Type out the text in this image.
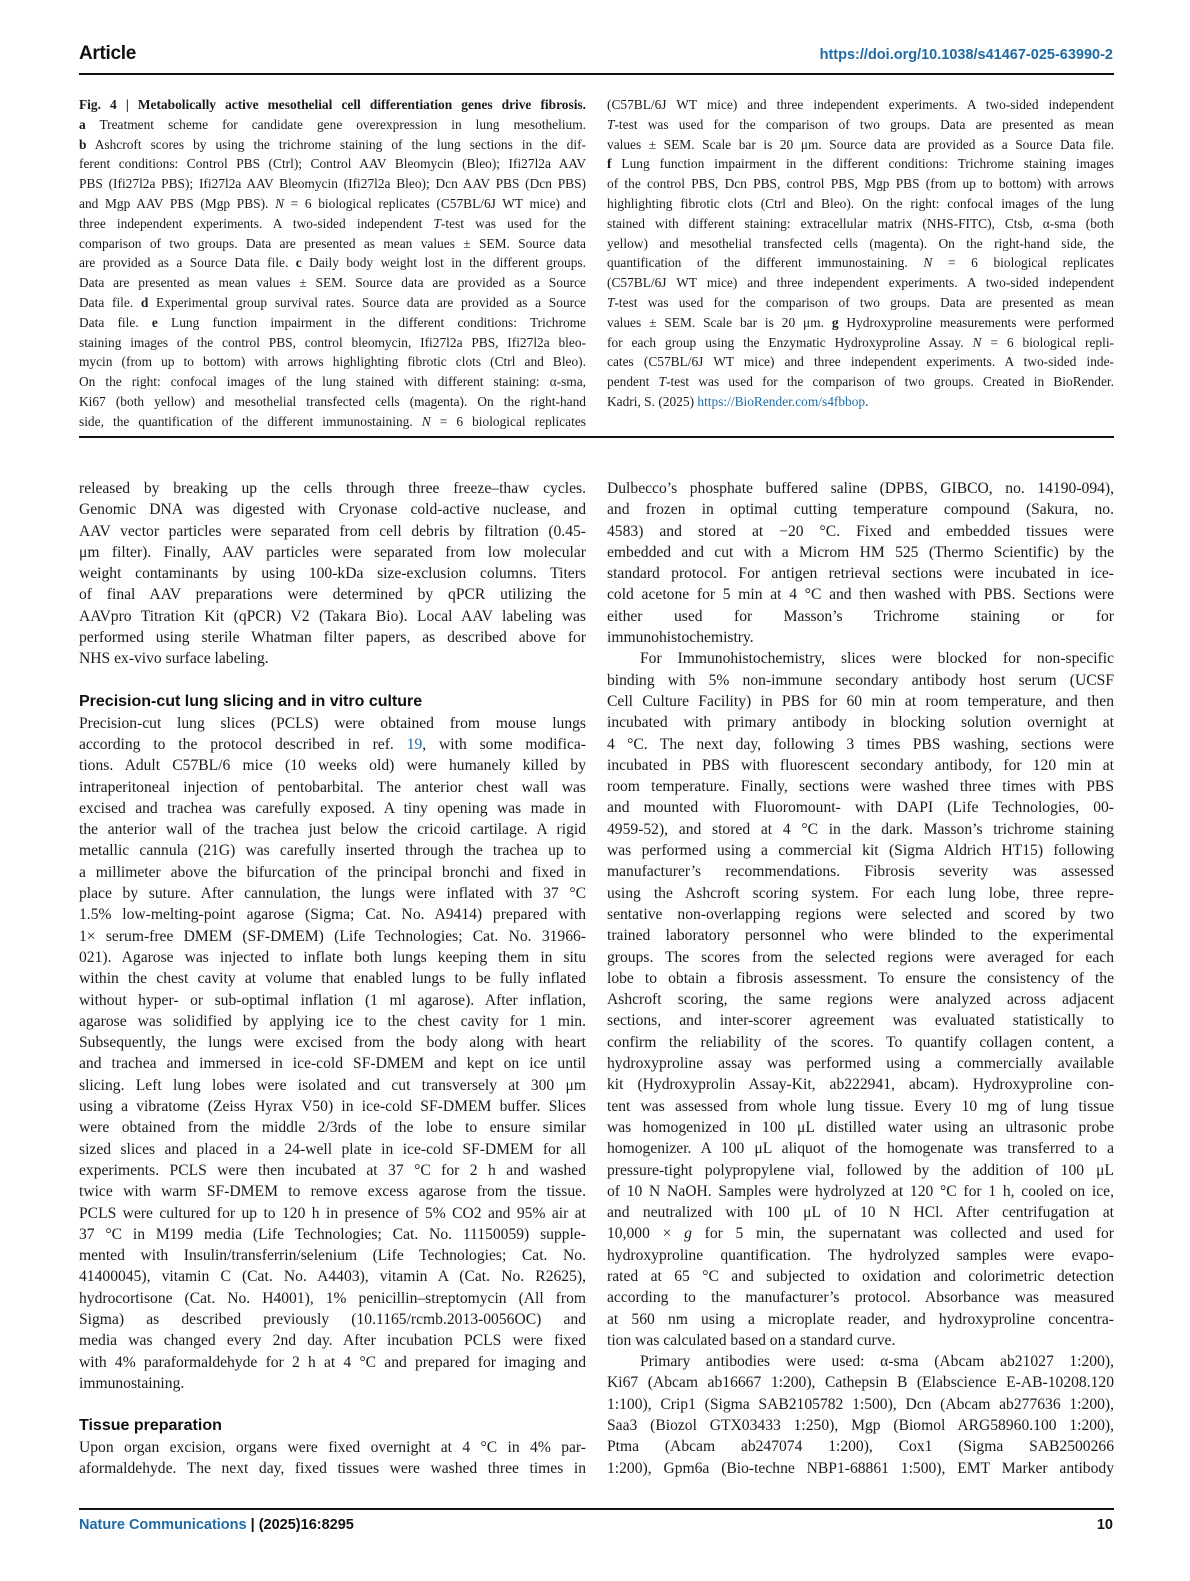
Article	https://doi.org/10.1038/s41467-025-63990-2
Fig. 4 | Metabolically active mesothelial cell differentiation genes drive fibrosis.
a Treatment scheme for candidate gene overexpression in lung mesothelium.
b Ashcroft scores by using the trichrome staining of the lung sections in the dif-
ferent conditions: Control PBS (Ctrl); Control AAV Bleomycin (Bleo); Ifi27l2a AAV
PBS (Ifi27l2a PBS); Ifi27l2a AAV Bleomycin (Ifi27l2a Bleo); Dcn AAV PBS (Dcn PBS)
and Mgp AAV PBS (Mgp PBS). N = 6 biological replicates (C57BL/6J WT mice) and
three independent experiments. A two-sided independent T-test was used for the
comparison of two groups. Data are presented as mean values ± SEM. Source data
are provided as a Source Data file. c Daily body weight lost in the different groups.
Data are presented as mean values ± SEM. Source data are provided as a Source
Data file. d Experimental group survival rates. Source data are provided as a Source
Data file. e Lung function impairment in the different conditions: Trichrome
staining images of the control PBS, control bleomycin, Ifi27l2a PBS, Ifi27l2a bleo-
mycin (from up to bottom) with arrows highlighting fibrotic clots (Ctrl and Bleo).
On the right: confocal images of the lung stained with different staining: α-sma,
Ki67 (both yellow) and mesothelial transfected cells (magenta). On the right-hand
side, the quantification of the different immunostaining. N = 6 biological replicates
(C57BL/6J WT mice) and three independent experiments. A two-sided independent
T-test was used for the comparison of two groups. Data are presented as mean
values ± SEM. Scale bar is 20 μm. Source data are provided as a Source Data file.
f Lung function impairment in the different conditions: Trichrome staining images
of the control PBS, Dcn PBS, control PBS, Mgp PBS (from up to bottom) with arrows
highlighting fibrotic clots (Ctrl and Bleo). On the right: confocal images of the lung
stained with different staining: extracellular matrix (NHS-FITC), Ctsb, α-sma (both
yellow) and mesothelial transfected cells (magenta). On the right-hand side, the
quantification of the different immunostaining. N = 6 biological replicates
(C57BL/6J WT mice) and three independent experiments. A two-sided independent
T-test was used for the comparison of two groups. Data are presented as mean
values ± SEM. Scale bar is 20 μm. g Hydroxyproline measurements were performed
for each group using the Enzymatic Hydroxyproline Assay. N = 6 biological repli-
cates (C57BL/6J WT mice) and three independent experiments. A two-sided inde-
pendent T-test was used for the comparison of two groups. Created in BioRender.
Kadri, S. (2025) https://BioRender.com/s4fbbop.
released by breaking up the cells through three freeze–thaw cycles.
Genomic DNA was digested with Cryonase cold-active nuclease, and
AAV vector particles were separated from cell debris by filtration (0.45-
μm filter). Finally, AAV particles were separated from low molecular
weight contaminants by using 100-kDa size-exclusion columns. Titers
of final AAV preparations were determined by qPCR utilizing the
AAVpro Titration Kit (qPCR) V2 (Takara Bio). Local AAV labeling was
performed using sterile Whatman filter papers, as described above for
NHS ex-vivo surface labeling.
Precision-cut lung slicing and in vitro culture
Precision-cut lung slices (PCLS) were obtained from mouse lungs
according to the protocol described in ref. 19, with some modifica-
tions. Adult C57BL/6 mice (10 weeks old) were humanely killed by
intraperitoneal injection of pentobarbital. The anterior chest wall was
excised and trachea was carefully exposed. A tiny opening was made in
the anterior wall of the trachea just below the cricoid cartilage. A rigid
metallic cannula (21G) was carefully inserted through the trachea up to
a millimeter above the bifurcation of the principal bronchi and fixed in
place by suture. After cannulation, the lungs were inflated with 37 °C
1.5% low-melting-point agarose (Sigma; Cat. No. A9414) prepared with
1× serum-free DMEM (SF-DMEM) (Life Technologies; Cat. No. 31966-
021). Agarose was injected to inflate both lungs keeping them in situ
within the chest cavity at volume that enabled lungs to be fully inflated
without hyper- or sub-optimal inflation (1 ml agarose). After inflation,
agarose was solidified by applying ice to the chest cavity for 1 min.
Subsequently, the lungs were excised from the body along with heart
and trachea and immersed in ice-cold SF-DMEM and kept on ice until
slicing. Left lung lobes were isolated and cut transversely at 300 μm
using a vibratome (Zeiss Hyrax V50) in ice-cold SF-DMEM buffer. Slices
were obtained from the middle 2/3rds of the lobe to ensure similar
sized slices and placed in a 24-well plate in ice-cold SF-DMEM for all
experiments. PCLS were then incubated at 37 °C for 2 h and washed
twice with warm SF-DMEM to remove excess agarose from the tissue.
PCLS were cultured for up to 120 h in presence of 5% CO2 and 95% air at
37 °C in M199 media (Life Technologies; Cat. No. 11150059) supple-
mented with Insulin/transferrin/selenium (Life Technologies; Cat. No.
41400045), vitamin C (Cat. No. A4403), vitamin A (Cat. No. R2625),
hydrocortisone (Cat. No. H4001), 1% penicillin–streptomycin (All from
Sigma) as described previously (10.1165/rcmb.2013-0056OC) and
media was changed every 2nd day. After incubation PCLS were fixed
with 4% paraformaldehyde for 2 h at 4 °C and prepared for imaging and
immunostaining.
Tissue preparation
Upon organ excision, organs were fixed overnight at 4 °C in 4% par-
aformaldehyde. The next day, fixed tissues were washed three times in
Dulbecco’s phosphate buffered saline (DPBS, GIBCO, no. 14190-094),
and frozen in optimal cutting temperature compound (Sakura, no.
4583) and stored at −20 °C. Fixed and embedded tissues were
embedded and cut with a Microm HM 525 (Thermo Scientific) by the
standard protocol. For antigen retrieval sections were incubated in ice-
cold acetone for 5 min at 4 °C and then washed with PBS. Sections were
either used for Masson’s Trichrome staining or for
immunohistochemistry.
For Immunohistochemistry, slices were blocked for non-specific
binding with 5% non-immune secondary antibody host serum (UCSF
Cell Culture Facility) in PBS for 60 min at room temperature, and then
incubated with primary antibody in blocking solution overnight at
4 °C. The next day, following 3 times PBS washing, sections were
incubated in PBS with fluorescent secondary antibody, for 120 min at
room temperature. Finally, sections were washed three times with PBS
and mounted with Fluoromount- with DAPI (Life Technologies, 00-
4959-52), and stored at 4 °C in the dark. Masson’s trichrome staining
was performed using a commercial kit (Sigma Aldrich HT15) following
manufacturer’s recommendations. Fibrosis severity was assessed
using the Ashcroft scoring system. For each lung lobe, three repre-
sentative non-overlapping regions were selected and scored by two
trained laboratory personnel who were blinded to the experimental
groups. The scores from the selected regions were averaged for each
lobe to obtain a fibrosis assessment. To ensure the consistency of the
Ashcroft scoring, the same regions were analyzed across adjacent
sections, and inter-scorer agreement was evaluated statistically to
confirm the reliability of the scores. To quantify collagen content, a
hydroxyproline assay was performed using a commercially available
kit (Hydroxyprolin Assay-Kit, ab222941, abcam). Hydroxyproline con-
tent was assessed from whole lung tissue. Every 10 mg of lung tissue
was homogenized in 100 μL distilled water using an ultrasonic probe
homogenizer. A 100 μL aliquot of the homogenate was transferred to a
pressure-tight polypropylene vial, followed by the addition of 100 μL
of 10 N NaOH. Samples were hydrolyzed at 120 °C for 1 h, cooled on ice,
and neutralized with 100 μL of 10 N HCl. After centrifugation at
10,000 × g for 5 min, the supernatant was collected and used for
hydroxyproline quantification. The hydrolyzed samples were evapo-
rated at 65 °C and subjected to oxidation and colorimetric detection
according to the manufacturer’s protocol. Absorbance was measured
at 560 nm using a microplate reader, and hydroxyproline concentra-
tion was calculated based on a standard curve.
Primary antibodies were used: α-sma (Abcam ab21027 1:200),
Ki67 (Abcam ab16667 1:200), Cathepsin B (Elabscience E-AB-10208.120
1:100), Crip1 (Sigma SAB2105782 1:500), Dcn (Abcam ab277636 1:200),
Saa3 (Biozol GTX03433 1:250), Mgp (Biomol ARG58960.100 1:200),
Ptma (Abcam ab247074 1:200), Cox1 (Sigma SAB2500266
1:200), Gpm6a (Bio-techne NBP1-68861 1:500), EMT Marker antibody
Nature Communications | (2025)16:8295	10
